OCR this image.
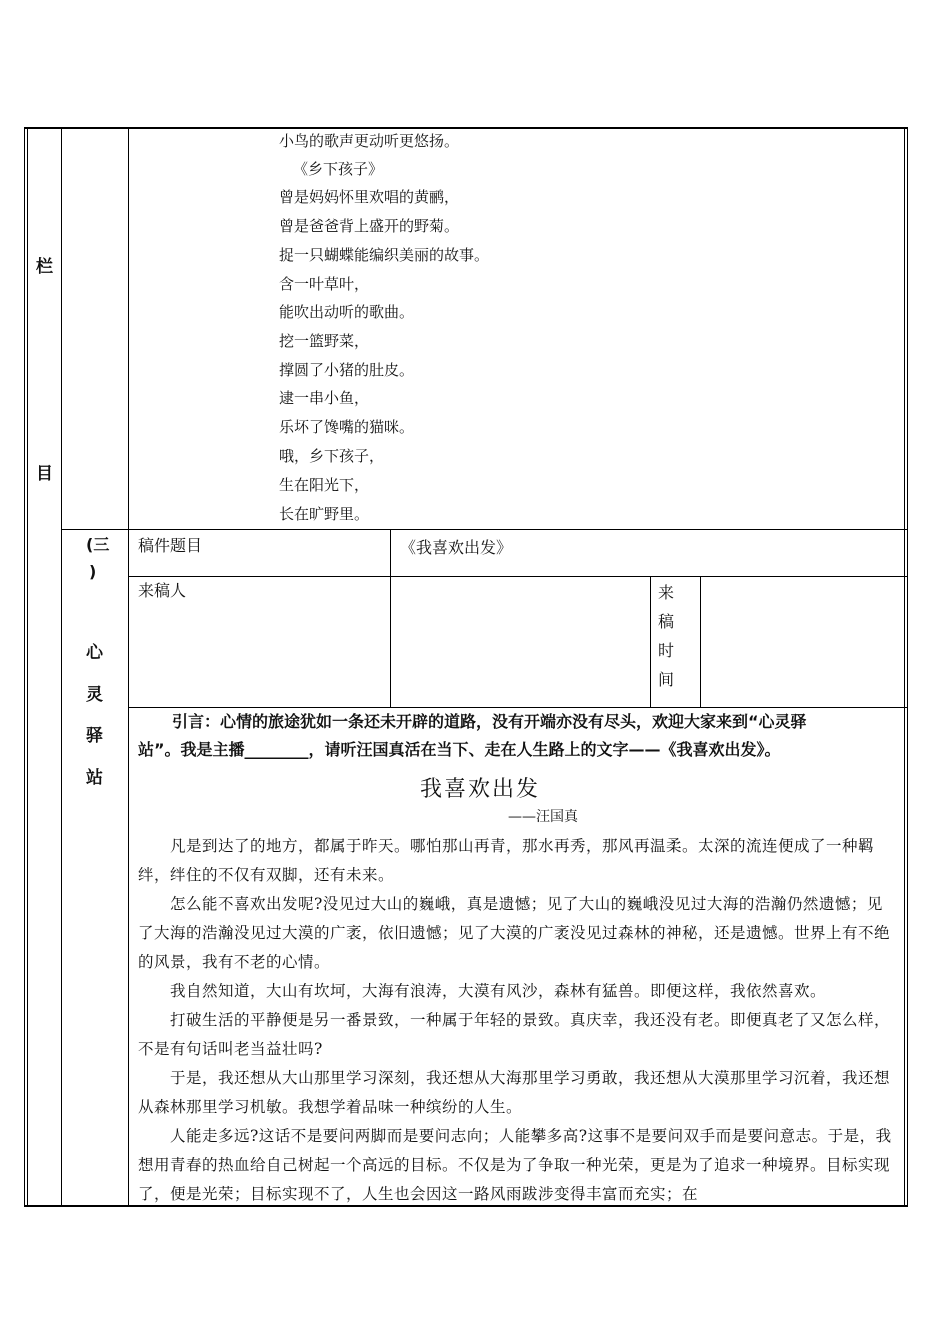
栏
目
小鸟的歌声更动听更悠扬。
《乡下孩子》
曾是妈妈怀里欢唱的黄鹂，
曾是爸爸背上盛开的野菊。
捉一只蝴蝶能编织美丽的故事。
含一叶草叶，
能吹出动听的歌曲。
挖一篮野菜，
撑圆了小猪的肚皮。
逮一串小鱼，
乐坏了馋嘴的猫咪。
哦，乡下孩子，
生在阳光下，
长在旷野里。
(三
)
心
灵
驿
站
稿件题目	《我喜欢出发》
来稿人	来
稿
时
间
引言：心情的旅途犹如一条还未开辟的道路，没有开端亦没有尽头，欢迎大家来到“心灵驿
站”。我是主播________，请听汪国真活在当下、走在人生路上的文字——《我喜欢出发》。
我喜欢出发
——汪国真
凡是到达了的地方，都属于昨天。哪怕那山再青，那水再秀，那风再温柔。太深的流连便成了一种羁绊，绊住的不仅有双脚，还有未来。
怎么能不喜欢出发呢?没见过大山的巍峨，真是遗憾；见了大山的巍峨没见过大海的浩瀚仍然遗憾；见了大海的浩瀚没见过大漠的广袤，依旧遗憾；见了大漠的广袤没见过森林的神秘，还是遗憾。世界上有不绝的风景，我有不老的心情。
我自然知道，大山有坎坷，大海有浪涛，大漠有风沙，森林有猛兽。即便这样，我依然喜欢。
打破生活的平静便是另一番景致，一种属于年轻的景致。真庆幸，我还没有老。即便真老了又怎么样，不是有句话叫老当益壮吗?
于是，我还想从大山那里学习深刻，我还想从大海那里学习勇敢，我还想从大漠那里学习沉着，我还想从森林那里学习机敏。我想学着品味一种缤纷的人生。
人能走多远?这话不是要问两脚而是要问志向；人能攀多高?这事不是要问双手而是要问意志。于是，我想用青春的热血给自己树起一个高远的目标。不仅是为了争取一种光荣，更是为了追求一种境界。目标实现了，便是光荣；目标实现不了，人生也会因这一路风雨跋涉变得丰富而充实；在
